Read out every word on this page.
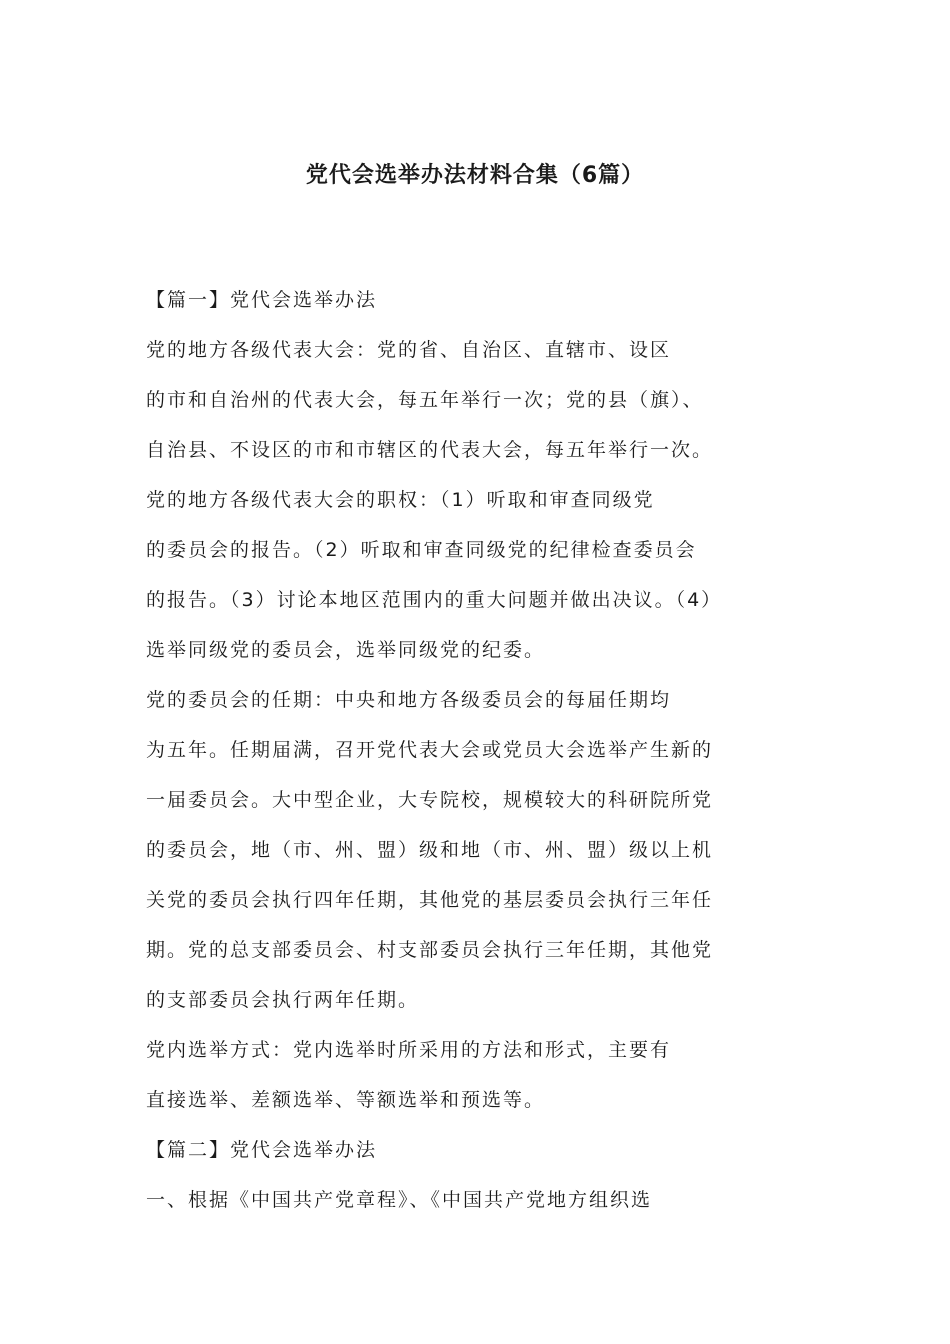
党代会选举办法材料合集（6篇）

【篇一】党代会选举办法

党的地方各级代表大会：党的省、自治区、直辖市、设区

的市和自治州的代表大会，每五年举行一次；党的县（旗）、

自治县、不设区的市和市辖区的代表大会，每五年举行一次。

党的地方各级代表大会的职权：（1）听取和审查同级党

的委员会的报告。（2）听取和审查同级党的纪律检查委员会

的报告。（3）讨论本地区范围内的重大问题并做出决议。（4）

选举同级党的委员会，选举同级党的纪委。

党的委员会的任期：中央和地方各级委员会的每届任期均

为五年。任期届满，召开党代表大会或党员大会选举产生新的

一届委员会。大中型企业，大专院校，规模较大的科研院所党

的委员会，地（市、州、盟）级和地（市、州、盟）级以上机

关党的委员会执行四年任期，其他党的基层委员会执行三年任

期。党的总支部委员会、村支部委员会执行三年任期，其他党

的支部委员会执行两年任期。

党内选举方式：党内选举时所采用的方法和形式，主要有

直接选举、差额选举、等额选举和预选等。

【篇二】党代会选举办法

一、根据《中国共产党章程》、《中国共产党地方组织选
